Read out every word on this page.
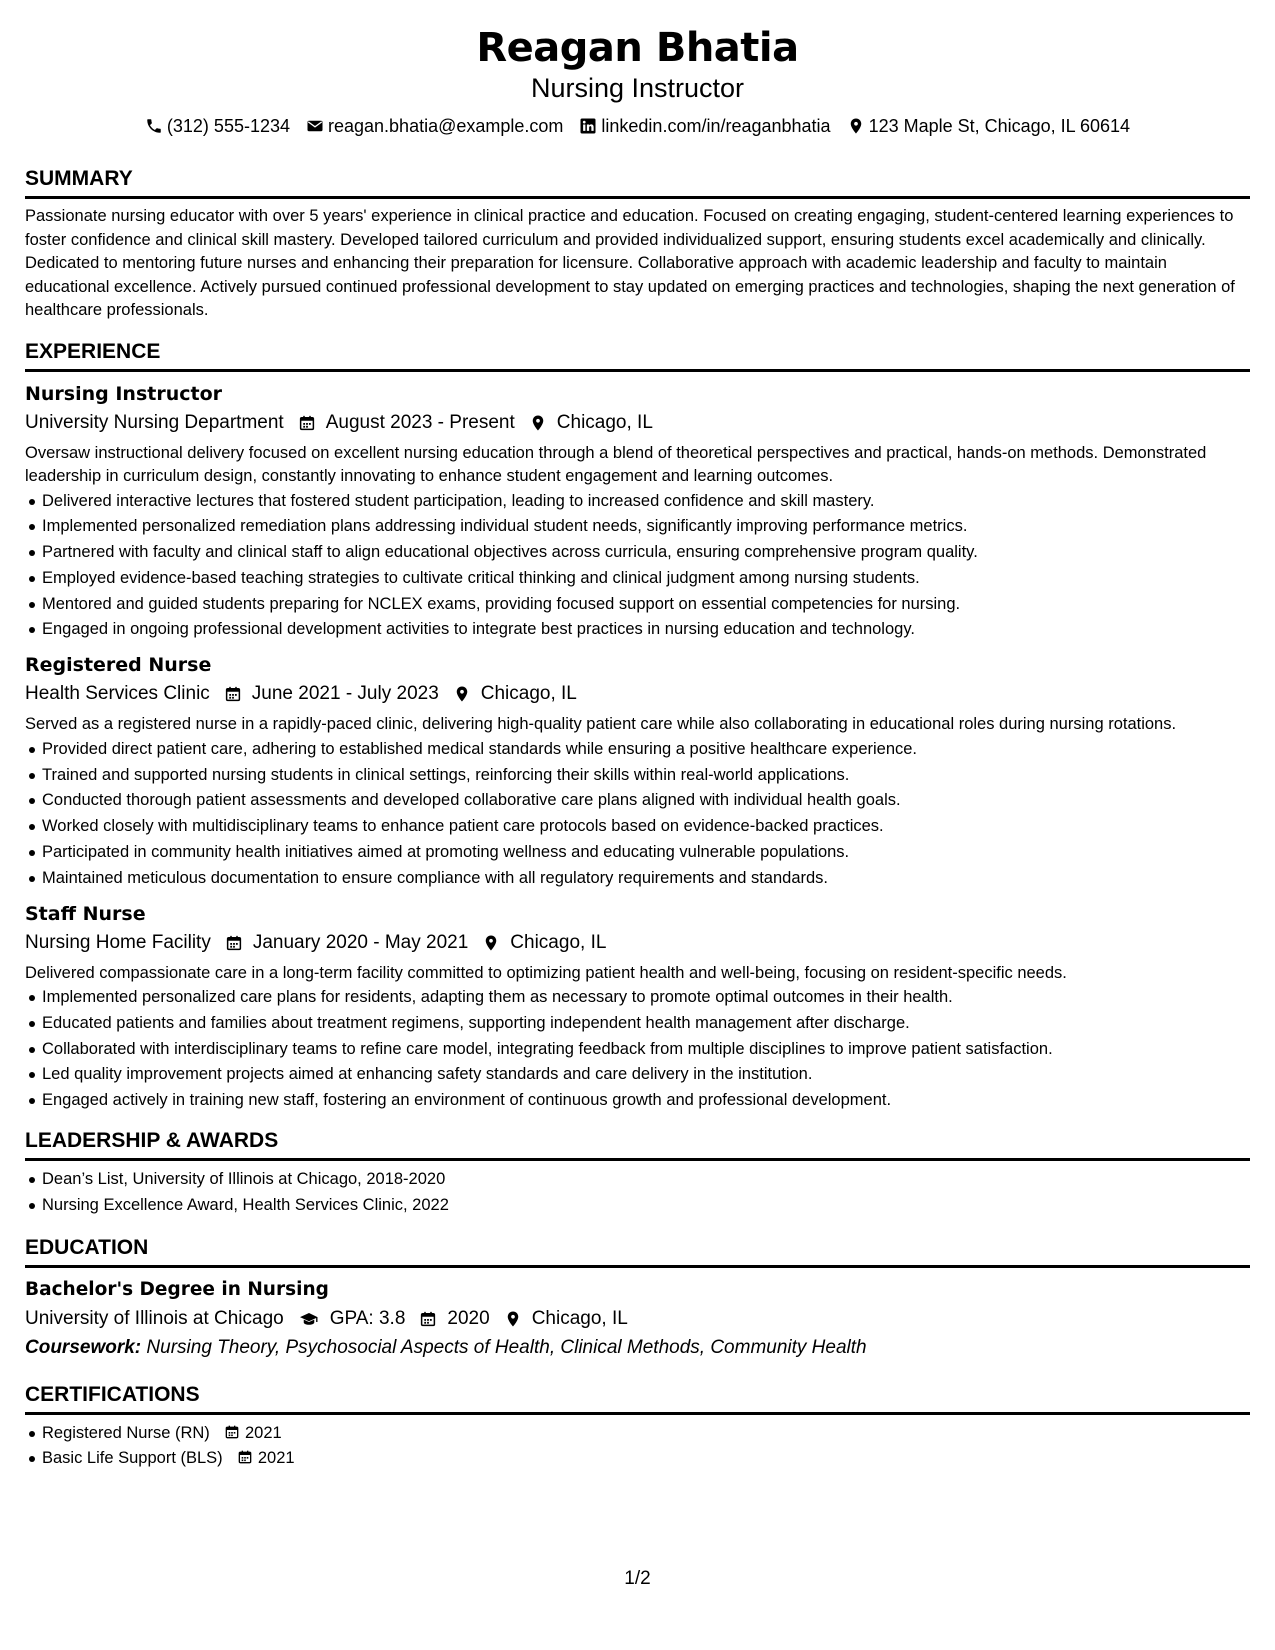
Reagan Bhatia
Nursing Instructor
(312) 555-1234 reagan.bhatia@example.com linkedin.com/in/reaganbhatia 123 Maple St, Chicago, IL 60614
SUMMARY
Passionate nursing educator with over 5 years' experience in clinical practice and education. Focused on creating engaging, student-centered learning experiences to foster confidence and clinical skill mastery. Developed tailored curriculum and provided individualized support, ensuring students excel academically and clinically. Dedicated to mentoring future nurses and enhancing their preparation for licensure. Collaborative approach with academic leadership and faculty to maintain educational excellence. Actively pursued continued professional development to stay updated on emerging practices and technologies, shaping the next generation of healthcare professionals.
EXPERIENCE
Nursing Instructor
University Nursing Department August 2023 - Present Chicago, IL
Oversaw instructional delivery focused on excellent nursing education through a blend of theoretical perspectives and practical, hands-on methods. Demonstrated leadership in curriculum design, constantly innovating to enhance student engagement and learning outcomes.
Delivered interactive lectures that fostered student participation, leading to increased confidence and skill mastery.
Implemented personalized remediation plans addressing individual student needs, significantly improving performance metrics.
Partnered with faculty and clinical staff to align educational objectives across curricula, ensuring comprehensive program quality.
Employed evidence-based teaching strategies to cultivate critical thinking and clinical judgment among nursing students.
Mentored and guided students preparing for NCLEX exams, providing focused support on essential competencies for nursing.
Engaged in ongoing professional development activities to integrate best practices in nursing education and technology.
Registered Nurse
Health Services Clinic June 2021 - July 2023 Chicago, IL
Served as a registered nurse in a rapidly-paced clinic, delivering high-quality patient care while also collaborating in educational roles during nursing rotations.
Provided direct patient care, adhering to established medical standards while ensuring a positive healthcare experience.
Trained and supported nursing students in clinical settings, reinforcing their skills within real-world applications.
Conducted thorough patient assessments and developed collaborative care plans aligned with individual health goals.
Worked closely with multidisciplinary teams to enhance patient care protocols based on evidence-backed practices.
Participated in community health initiatives aimed at promoting wellness and educating vulnerable populations.
Maintained meticulous documentation to ensure compliance with all regulatory requirements and standards.
Staff Nurse
Nursing Home Facility January 2020 - May 2021 Chicago, IL
Delivered compassionate care in a long-term facility committed to optimizing patient health and well-being, focusing on resident-specific needs.
Implemented personalized care plans for residents, adapting them as necessary to promote optimal outcomes in their health.
Educated patients and families about treatment regimens, supporting independent health management after discharge.
Collaborated with interdisciplinary teams to refine care model, integrating feedback from multiple disciplines to improve patient satisfaction.
Led quality improvement projects aimed at enhancing safety standards and care delivery in the institution.
Engaged actively in training new staff, fostering an environment of continuous growth and professional development.
LEADERSHIP & AWARDS
Dean’s List, University of Illinois at Chicago, 2018-2020
Nursing Excellence Award, Health Services Clinic, 2022
EDUCATION
Bachelor's Degree in Nursing
University of Illinois at Chicago GPA: 3.8 2020 Chicago, IL
Coursework: Nursing Theory, Psychosocial Aspects of Health, Clinical Methods, Community Health
CERTIFICATIONS
Registered Nurse (RN) 2021
Basic Life Support (BLS) 2021
1/2
